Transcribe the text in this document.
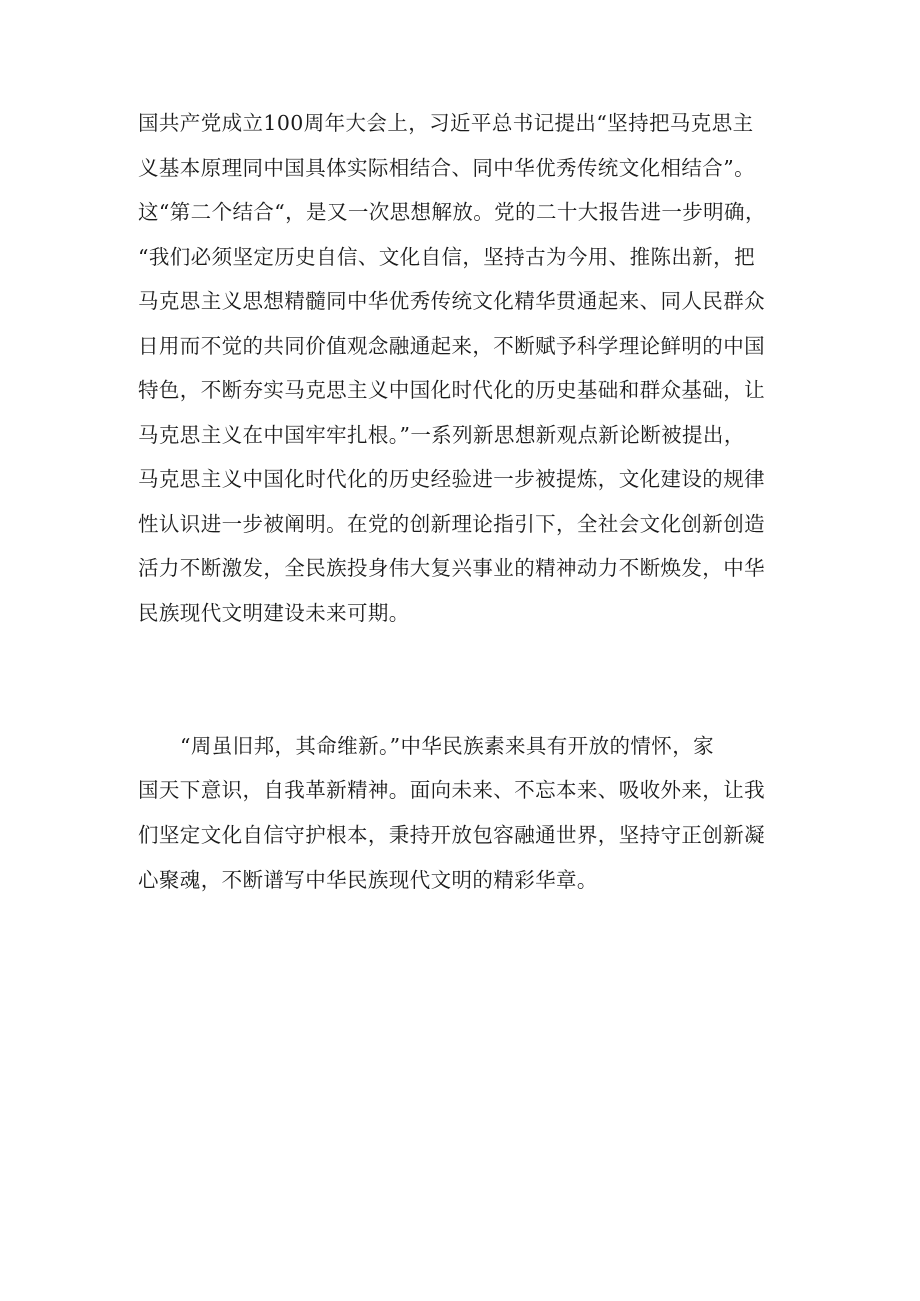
国共产党成立100周年大会上，习近平总书记提出“坚持把马克思主
义基本原理同中国具体实际相结合、同中华优秀传统文化相结合”。
这“第二个结合“，是又一次思想解放。党的二十大报告进一步明确，
“我们必须坚定历史自信、文化自信，坚持古为今用、推陈出新，把
马克思主义思想精髓同中华优秀传统文化精华贯通起来、同人民群众
日用而不觉的共同价值观念融通起来，不断赋予科学理论鲜明的中国
特色，不断夯实马克思主义中国化时代化的历史基础和群众基础，让
马克思主义在中国牢牢扎根。”一系列新思想新观点新论断被提出，
马克思主义中国化时代化的历史经验进一步被提炼，文化建设的规律
性认识进一步被阐明。在党的创新理论指引下，全社会文化创新创造
活力不断激发，全民族投身伟大复兴事业的精神动力不断焕发，中华
民族现代文明建设未来可期。
“周虽旧邦，其命维新。”中华民族素来具有开放的情怀，家
国天下意识，自我革新精神。面向未来、不忘本来、吸收外来，让我
们坚定文化自信守护根本，秉持开放包容融通世界，坚持守正创新凝
心聚魂，不断谱写中华民族现代文明的精彩华章。
